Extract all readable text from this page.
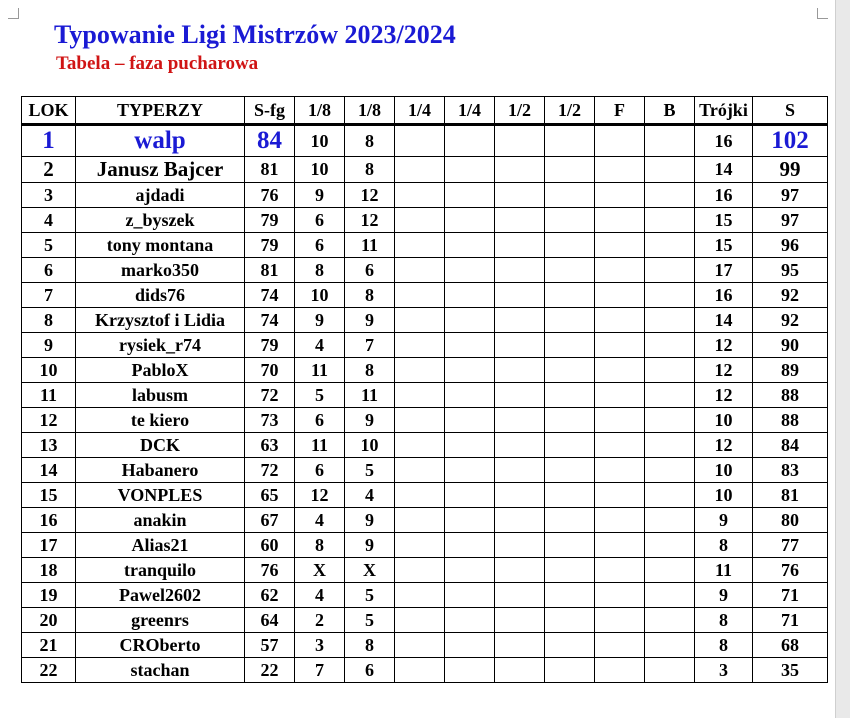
Typowanie Ligi Mistrzów 2023/2024
Tabela – faza pucharowa
LOK	TYPERZY	S-fg	1/8	1/8	1/4	1/4	1/2	1/2	F	B	Trójki	S
1	walp	84	10	8							16	102
2	Janusz Bajcer	81	10	8							14	99
3	ajdadi	76	9	12							16	97
4	z_byszek	79	6	12							15	97
5	tony montana	79	6	11							15	96
6	marko350	81	8	6							17	95
7	dids76	74	10	8							16	92
8	Krzysztof i Lidia	74	9	9							14	92
9	rysiek_r74	79	4	7							12	90
10	PabloX	70	11	8							12	89
11	labusm	72	5	11							12	88
12	te kiero	73	6	9							10	88
13	DCK	63	11	10							12	84
14	Habanero	72	6	5							10	83
15	VONPLES	65	12	4							10	81
16	anakin	67	4	9							9	80
17	Alias21	60	8	9							8	77
18	tranquilo	76	X	X							11	76
19	Pawel2602	62	4	5							9	71
20	greenrs	64	2	5							8	71
21	CROberto	57	3	8							8	68
22	stachan	22	7	6							3	35
